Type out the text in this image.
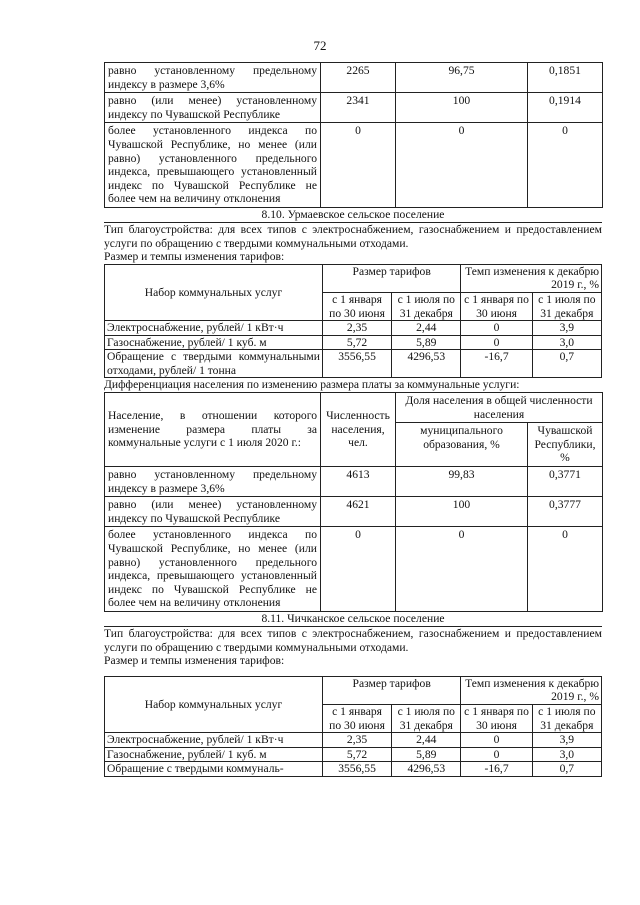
72
равно установленному предельному индексу в размере 3,6%	2265	96,75	0,1851
равно (или менее) установленному индексу по Чувашской Республике	2341	100	0,1914
более установленного индекса по Чувашской Республике, но менее (или равно) установленного предельного индекса, превышающего установленный индекс по Чувашской Республике не более чем на величину отклонения	0	0	0
8.10. Урмаевское сельское поселение
Тип благоустройства: для всех типов с электроснабжением, газоснабжением и предоставлением услуги по обращению с твердыми коммунальными отходами.
Размер и темпы изменения тарифов:
Набор коммунальных услуг	Размер тарифов		Темп изменения к декабрю 2019 г., %	
	с 1 января по 30 июня	с 1 июля по 31 декабря	с 1 января по 30 июня	с 1 июля по 31 декабря
Электроснабжение, рублей/ 1 кВт·ч	2,35	2,44	0	3,9
Газоснабжение, рублей/ 1 куб. м	5,72	5,89	0	3,0
Обращение с твердыми коммунальными отходами, рублей/ 1 тонна	3556,55	4296,53	-16,7	0,7
Дифференциация населения по изменению размера платы за коммунальные услуги:
Население, в отношении которого изменение размера платы за коммунальные услуги с 1 июля 2020 г.:	Численность населения, чел.	Доля населения в общей численности населения	
		муниципального образования, %	Чувашской Республики, %
равно установленному предельному индексу в размере 3,6%	4613	99,83	0,3771
равно (или менее) установленному индексу по Чувашской Республике	4621	100	0,3777
более установленного индекса по Чувашской Республике, но менее (или равно) установленного предельного индекса, превышающего установленный индекс по Чувашской Республике не более чем на величину отклонения	0	0	0
8.11. Чичканское сельское поселение
Тип благоустройства: для всех типов с электроснабжением, газоснабжением и предоставлением услуги по обращению с твердыми коммунальными отходами.
Размер и темпы изменения тарифов:
Набор коммунальных услуг	Размер тарифов		Темп изменения к декабрю 2019 г., %	
	с 1 января по 30 июня	с 1 июля по 31 декабря	с 1 января по 30 июня	с 1 июля по 31 декабря
Электроснабжение, рублей/ 1 кВт·ч	2,35	2,44	0	3,9
Газоснабжение, рублей/ 1 куб. м	5,72	5,89	0	3,0
Обращение с твердыми коммуналь-	3556,55	4296,53	-16,7	0,7
